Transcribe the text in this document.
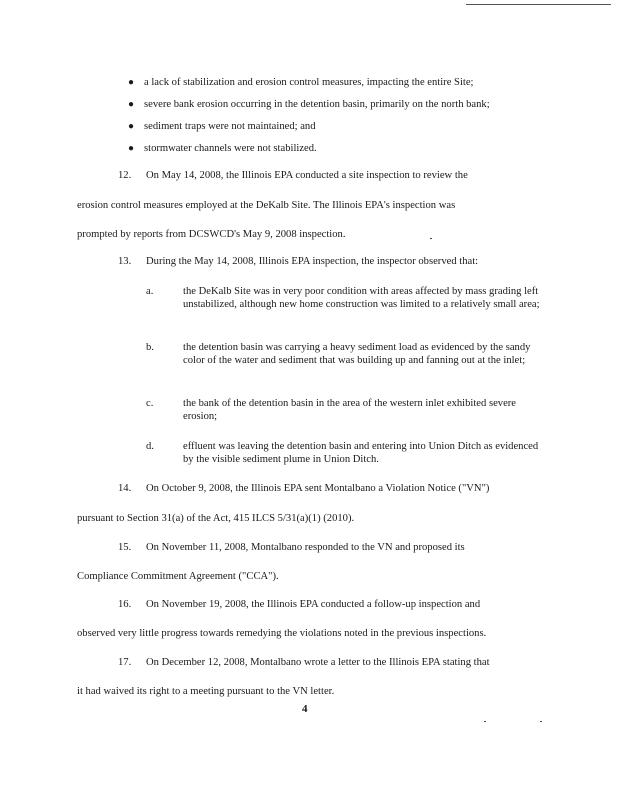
● a lack of stabilization and erosion control measures, impacting the entire Site;
● severe bank erosion occurring in the detention basin, primarily on the north bank;
● sediment traps were not maintained; and
● stormwater channels were not stabilized.
12. On May 14, 2008, the Illinois EPA conducted a site inspection to review the
erosion control measures employed at the DeKalb Site. The Illinois EPA's inspection was
prompted by reports from DCSWCD's May 9, 2008 inspection.
13. During the May 14, 2008, Illinois EPA inspection, the inspector observed that:
a.	the DeKalb Site was in very poor condition with areas affected by mass grading left unstabilized, although new home construction was limited to a relatively small area;
b.	the detention basin was carrying a heavy sediment load as evidenced by the sandy color of the water and sediment that was building up and fanning out at the inlet;
c.	the bank of the detention basin in the area of the western inlet exhibited severe erosion;
d.	effluent was leaving the detention basin and entering into Union Ditch as evidenced by the visible sediment plume in Union Ditch.
14. On October 9, 2008, the Illinois EPA sent Montalbano a Violation Notice ("VN")
pursuant to Section 31(a) of the Act, 415 ILCS 5/31(a)(1) (2010).
15. On November 11, 2008, Montalbano responded to the VN and proposed its
Compliance Commitment Agreement ("CCA").
16. On November 19, 2008, the Illinois EPA conducted a follow-up inspection and
observed very little progress towards remedying the violations noted in the previous inspections.
17. On December 12, 2008, Montalbano wrote a letter to the Illinois EPA stating that
it had waived its right to a meeting pursuant to the VN letter.
4
